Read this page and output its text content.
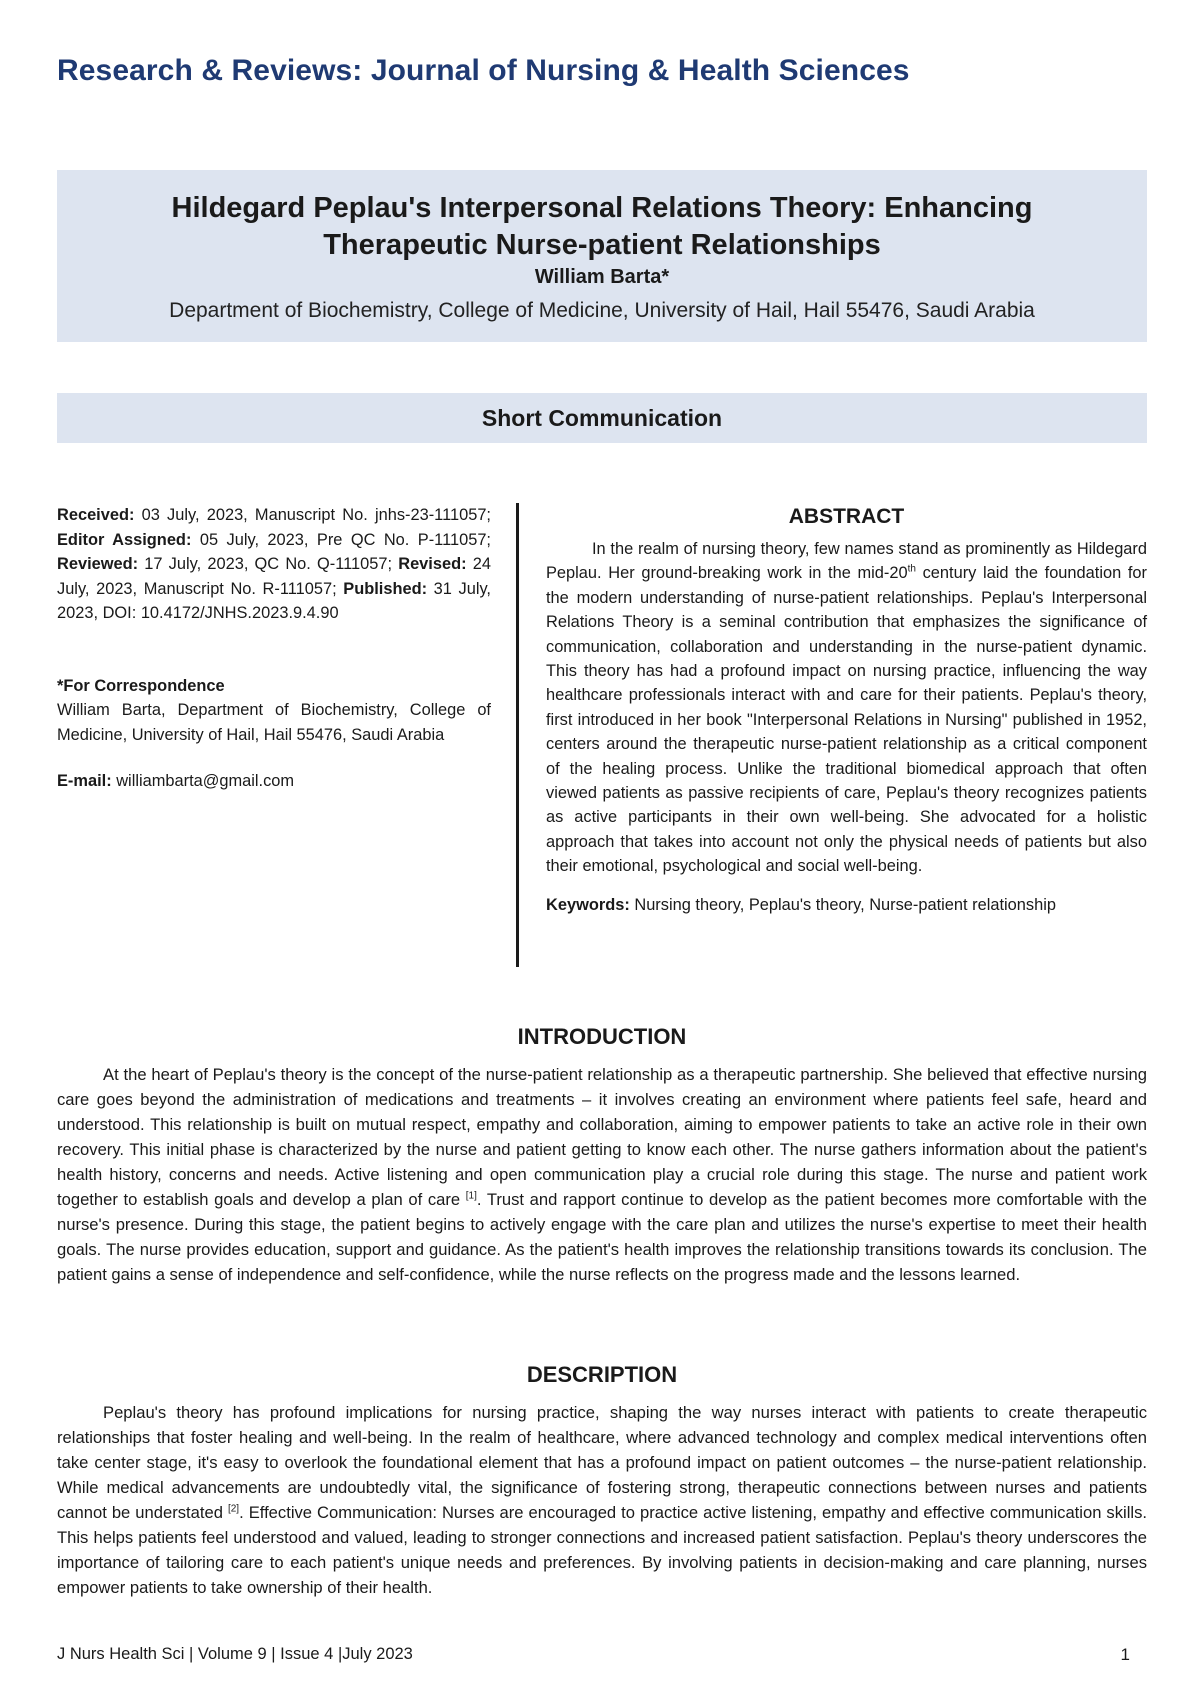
Research & Reviews: Journal of Nursing & Health Sciences
Hildegard Peplau's Interpersonal Relations Theory: Enhancing
Therapeutic Nurse-patient Relationships
William Barta*
Department of Biochemistry, College of Medicine, University of Hail, Hail 55476, Saudi Arabia
Short Communication
Received: 03 July, 2023, Manuscript No. jnhs-23-111057; Editor Assigned: 05 July, 2023, Pre QC No. P-111057; Reviewed: 17 July, 2023, QC No. Q-111057; Revised: 24 July, 2023, Manuscript No. R-111057; Published: 31 July, 2023, DOI: 10.4172/JNHS.2023.9.4.90
*For Correspondence
William Barta, Department of Biochemistry, College of Medicine, University of Hail, Hail 55476, Saudi Arabia
E-mail: williambarta@gmail.com
ABSTRACT

In the realm of nursing theory, few names stand as prominently as Hildegard Peplau. Her ground-breaking work in the mid-20th century laid the foundation for the modern understanding of nurse-patient relationships. Peplau's Interpersonal Relations Theory is a seminal contribution that emphasizes the significance of communication, collaboration and understanding in the nurse-patient dynamic. This theory has had a profound impact on nursing practice, influencing the way healthcare professionals interact with and care for their patients. Peplau's theory, first introduced in her book "Interpersonal Relations in Nursing" published in 1952, centers around the therapeutic nurse-patient relationship as a critical component of the healing process. Unlike the traditional biomedical approach that often viewed patients as passive recipients of care, Peplau's theory recognizes patients as active participants in their own well-being. She advocated for a holistic approach that takes into account not only the physical needs of patients but also their emotional, psychological and social well-being.

Keywords: Nursing theory, Peplau's theory, Nurse-patient relationship
INTRODUCTION

At the heart of Peplau's theory is the concept of the nurse-patient relationship as a therapeutic partnership. She believed that effective nursing care goes beyond the administration of medications and treatments – it involves creating an environment where patients feel safe, heard and understood. This relationship is built on mutual respect, empathy and collaboration, aiming to empower patients to take an active role in their own recovery. This initial phase is characterized by the nurse and patient getting to know each other. The nurse gathers information about the patient's health history, concerns and needs. Active listening and open communication play a crucial role during this stage. The nurse and patient work together to establish goals and develop a plan of care [1]. Trust and rapport continue to develop as the patient becomes more comfortable with the nurse's presence. During this stage, the patient begins to actively engage with the care plan and utilizes the nurse's expertise to meet their health goals. The nurse provides education, support and guidance. As the patient's health improves the relationship transitions towards its conclusion. The patient gains a sense of independence and self-confidence, while the nurse reflects on the progress made and the lessons learned.

DESCRIPTION

Peplau's theory has profound implications for nursing practice, shaping the way nurses interact with patients to create therapeutic relationships that foster healing and well-being. In the realm of healthcare, where advanced technology and complex medical interventions often take center stage, it's easy to overlook the foundational element that has a profound impact on patient outcomes – the nurse-patient relationship. While medical advancements are undoubtedly vital, the significance of fostering strong, therapeutic connections between nurses and patients cannot be understated [2]. Effective Communication: Nurses are encouraged to practice active listening, empathy and effective communication skills. This helps patients feel understood and valued, leading to stronger connections and increased patient satisfaction. Peplau's theory underscores the importance of tailoring care to each patient's unique needs and preferences. By involving patients in decision-making and care planning, nurses empower patients to take ownership of their health.

J Nurs Health Sci | Volume 9 | Issue 4 |July 2023	1
